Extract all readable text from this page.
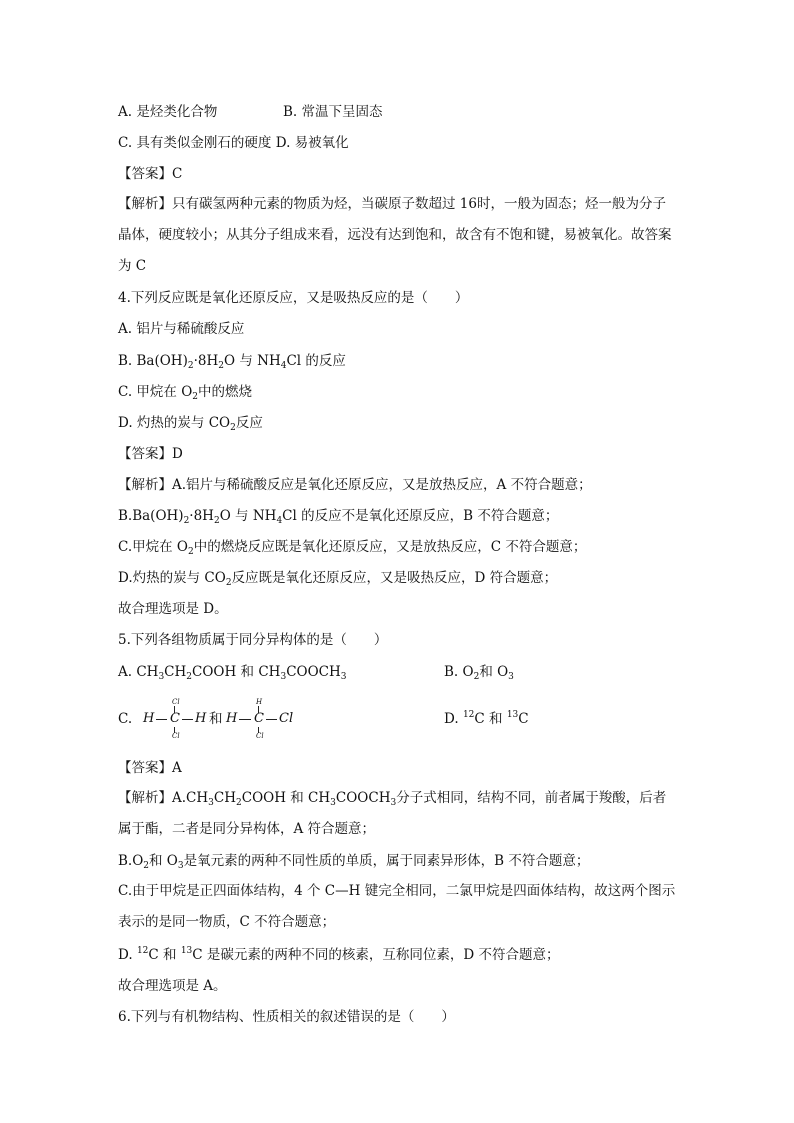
A. 是烃类化合物	B. 常温下呈固态
C. 具有类似金刚石的硬度 D. 易被氧化
【答案】C
【解析】只有碳氢两种元素的物质为烃，当碳原子数超过 16时，一般为固态；烃一般为分子晶体，硬度较小；从其分子组成来看，远没有达到饱和，故含有不饱和键，易被氧化。故答案为 C
4.下列反应既是氧化还原反应，又是吸热反应的是（　　）
A. 铝片与稀硫酸反应
B. $Ba(OH)_2\cdot 8H_2O$ 与 $NH_4Cl$ 的反应
C. 甲烷在 $O_2$中的燃烧
D. 灼热的炭与 $CO_2$反应
【答案】D
【解析】A.铝片与稀硫酸反应是氧化还原反应，又是放热反应，A 不符合题意；
$B.Ba(OH)_2\cdot 8H_2O$ 与 $NH_4Cl$ 的反应不是氧化还原反应，B 不符合题意；
C.甲烷在 $O_2$中的燃烧反应既是氧化还原反应，又是放热反应，C 不符合题意；
D.灼热的炭与 $CO_2$反应既是氧化还原反应，又是吸热反应，D 符合题意；
故合理选项是 D。
5.下列各组物质属于同分异构体的是（　　）
A. $CH_3CH_2COOH$ 和 $CH_3COOCH_3$	B. $O_2$和 $O_3$
C.
Cl
H C H
Cl
和
H
H C Cl
Cl
D. $^{12}$C 和 $^{13}$C
【答案】A
【解析】$A.CH_3CH_2COOH$ 和 $CH_3COOCH_3$分子式相同，结构不同，前者属于羧酸，后者属于酯，二者是同分异构体，A 符合题意；
$B.O_2$和 $O_3$是氧元素的两种不同性质的单质，属于同素异形体，B 不符合题意；
C.由于甲烷是正四面体结构，4 个 C—H 键完全相同，二氯甲烷是四面体结构，故这两个图示表示的是同一物质，C 不符合题意；
D. $^{12}$C 和 $^{13}$C 是碳元素的两种不同的核素，互称同位素，D 不符合题意；
故合理选项是 A。
6.下列与有机物结构、性质相关的叙述错误的是（　　）
